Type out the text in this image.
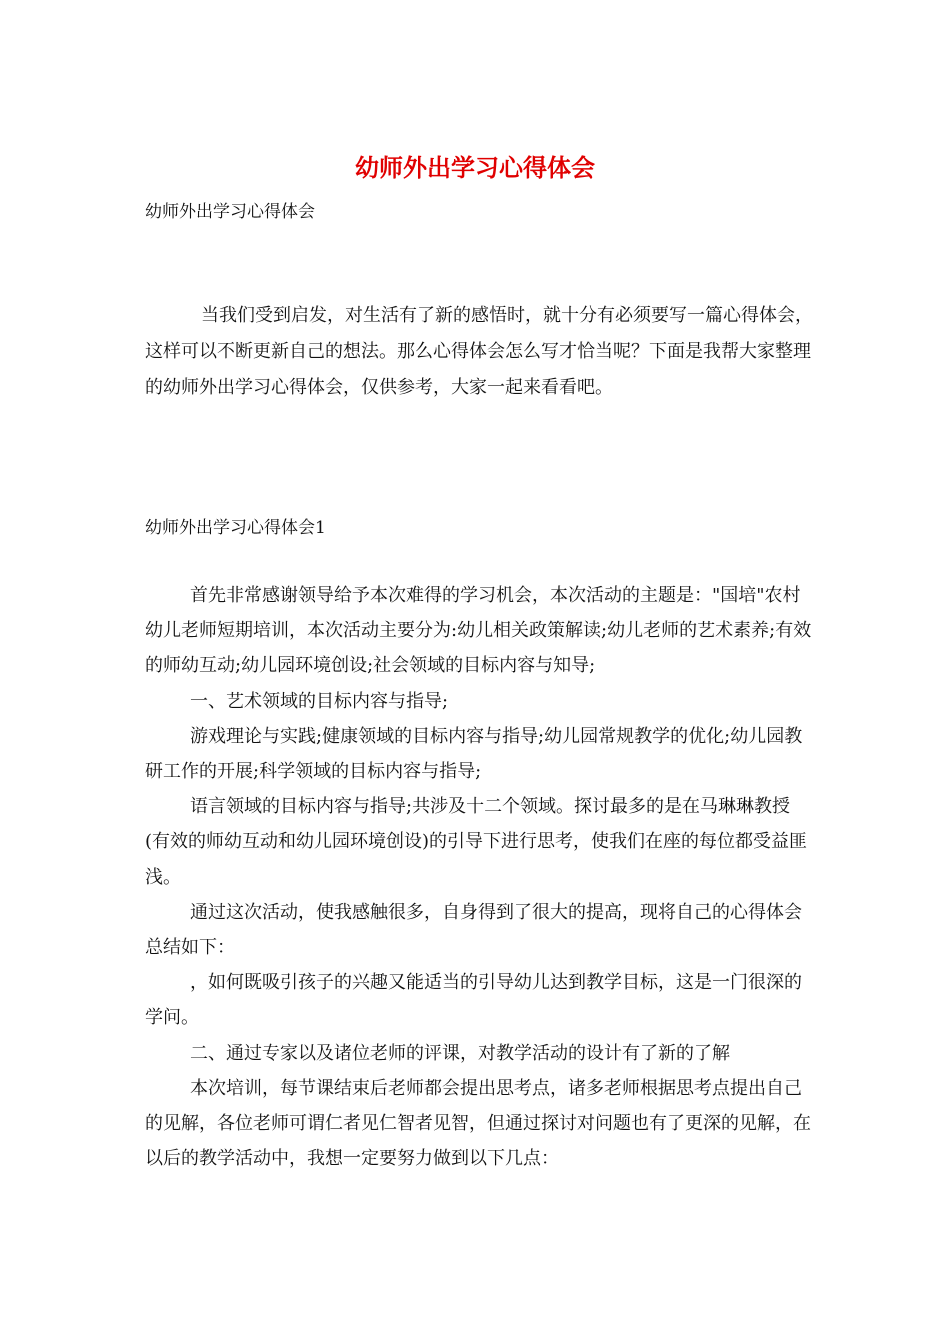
幼师外出学习心得体会
幼师外出学习心得体会

当我们受到启发，对生活有了新的感悟时，就十分有必须要写一篇心得体会，这样可以不断更新自己的想法。那么心得体会怎么写才恰当呢？下面是我帮大家整理的幼师外出学习心得体会，仅供参考，大家一起来看看吧。

幼师外出学习心得体会1

首先非常感谢领导给予本次难得的学习机会，本次活动的主题是："国培"农村幼儿老师短期培训，本次活动主要分为:幼儿相关政策解读;幼儿老师的艺术素养;有效的师幼互动;幼儿园环境创设;社会领域的目标内容与知导;

一、艺术领域的目标内容与指导;

游戏理论与实践;健康领域的目标内容与指导;幼儿园常规教学的优化;幼儿园教研工作的开展;科学领域的目标内容与指导;

语言领域的目标内容与指导;共涉及十二个领域。探讨最多的是在马琳琳教授(有效的师幼互动和幼儿园环境创设)的引导下进行思考，使我们在座的每位都受益匪浅。

通过这次活动，使我感触很多，自身得到了很大的提高，现将自己的心得体会总结如下：

，如何既吸引孩子的兴趣又能适当的引导幼儿达到教学目标，这是一门很深的学问。

二、通过专家以及诸位老师的评课，对教学活动的设计有了新的了解

本次培训，每节课结束后老师都会提出思考点，诸多老师根据思考点提出自己的见解，各位老师可谓仁者见仁智者见智，但通过探讨对问题也有了更深的见解，在以后的教学活动中，我想一定要努力做到以下几点：
